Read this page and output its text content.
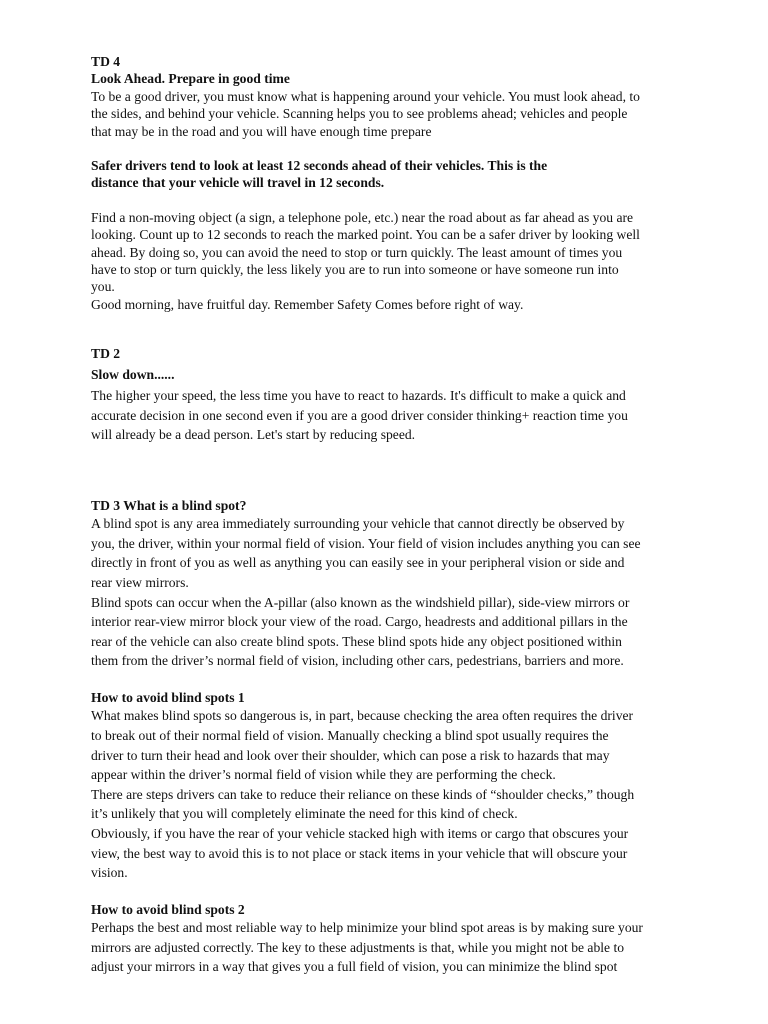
TD 4

Look Ahead. Prepare in good time

To be a good driver, you must know what is happening around your vehicle. You must look ahead, to
the sides, and behind your vehicle. Scanning helps you to see problems ahead; vehicles and people
that may be in the road and you will have enough time prepare

Safer drivers tend to look at least 12 seconds ahead of their vehicles. This is the
distance that your vehicle will travel in 12 seconds.

Find a non-moving object (a sign, a telephone pole, etc.) near the road about as far ahead as you are
looking. Count up to 12 seconds to reach the marked point. You can be a safer driver by looking well
ahead. By doing so, you can avoid the need to stop or turn quickly. The least amount of times you
have to stop or turn quickly, the less likely you are to run into someone or have someone run into
you.

Good morning, have fruitful day. Remember Safety Comes before right of way.

TD 2

Slow down......

The higher your speed, the less time you have to react to hazards. It's difficult to make a quick and
accurate decision in one second even if you are a good driver consider thinking+ reaction time you
will already be a dead person. Let's start by reducing speed.

TD 3 What is a blind spot?

A blind spot is any area immediately surrounding your vehicle that cannot directly be observed by
you, the driver, within your normal field of vision. Your field of vision includes anything you can see
directly in front of you as well as anything you can easily see in your peripheral vision or side and
rear view mirrors.

Blind spots can occur when the A-pillar (also known as the windshield pillar), side-view mirrors or
interior rear-view mirror block your view of the road. Cargo, headrests and additional pillars in the
rear of the vehicle can also create blind spots. These blind spots hide any object positioned within
them from the driver’s normal field of vision, including other cars, pedestrians, barriers and more.

How to avoid blind spots 1

What makes blind spots so dangerous is, in part, because checking the area often requires the driver
to break out of their normal field of vision. Manually checking a blind spot usually requires the
driver to turn their head and look over their shoulder, which can pose a risk to hazards that may
appear within the driver’s normal field of vision while they are performing the check.

There are steps drivers can take to reduce their reliance on these kinds of “shoulder checks,” though
it’s unlikely that you will completely eliminate the need for this kind of check.

Obviously, if you have the rear of your vehicle stacked high with items or cargo that obscures your
view, the best way to avoid this is to not place or stack items in your vehicle that will obscure your
vision.

How to avoid blind spots 2

Perhaps the best and most reliable way to help minimize your blind spot areas is by making sure your
mirrors are adjusted correctly. The key to these adjustments is that, while you might not be able to
adjust your mirrors in a way that gives you a full field of vision, you can minimize the blind spot
